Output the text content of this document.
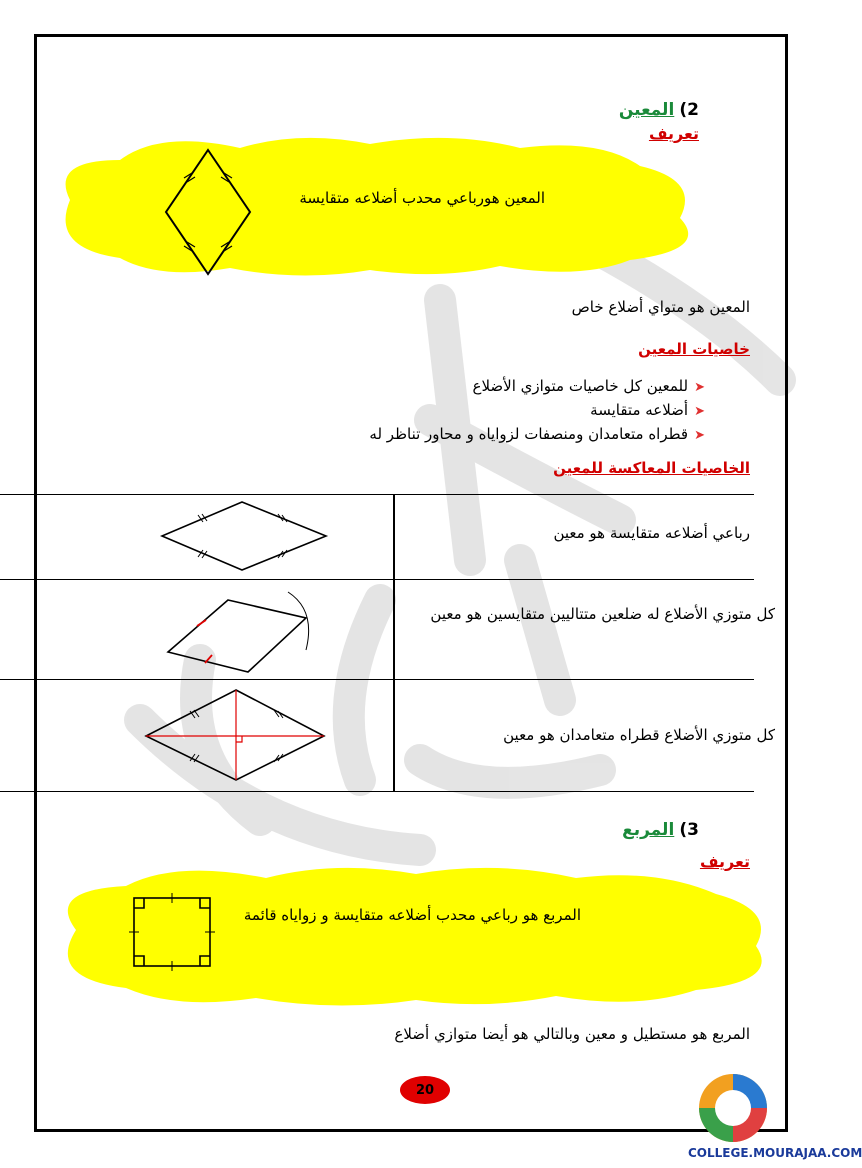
2) المعين
تعريف
المعين هورباعي محدب أضلاعه متقايسة
المعين هو متواي أضلاع خاص
خاصيات المعين
➤للمعين كل خاصيات متوازي الأضلاع
➤أضلاعه متقايسة
➤قطراه متعامدان ومنصفات لزواياه و محاور تناظر له
الخاصيات المعاكسة للمعين
رباعي أضلاعه متقايسة هو معين
كل متوزي الأضلاع له ضلعين متتاليين متقايسين هو معين
كل متوزي الأضلاع قطراه متعامدان هو معين
3) المربع
تعريف
المربع هو رباعي محدب أضلاعه متقايسة و زواياه قائمة
المربع هو مستطيل و معين وبالتالي هو أيضا متوازي أضلاع
20
COLLEGE.MOURAJAA.COM
